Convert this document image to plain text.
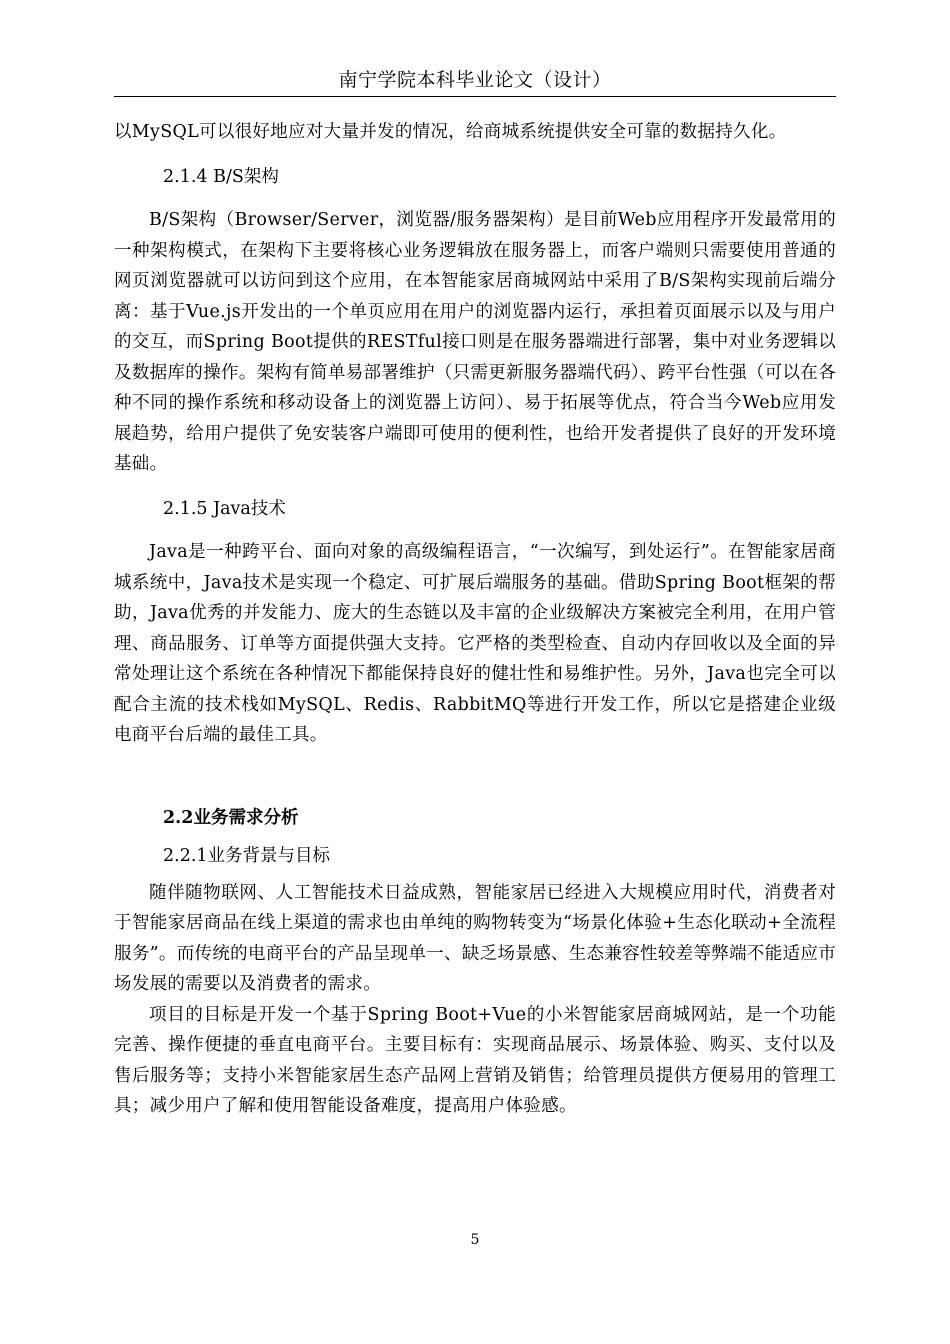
南宁学院本科毕业论文（设计）

以MySQL可以很好地应对大量并发的情况，给商城系统提供安全可靠的数据持久化。

2.1.4 B/S架构

B/S架构（Browser/Server，浏览器/服务器架构）是目前Web应用程序开发最常用的一种架构模式，在架构下主要将核心业务逻辑放在服务器上，而客户端则只需要使用普通的网页浏览器就可以访问到这个应用，在本智能家居商城网站中采用了B/S架构实现前后端分离：基于Vue.js开发出的一个单页应用在用户的浏览器内运行，承担着页面展示以及与用户的交互，而Spring Boot提供的RESTful接口则是在服务器端进行部署，集中对业务逻辑以及数据库的操作。架构有简单易部署维护（只需更新服务器端代码）、跨平台性强（可以在各种不同的操作系统和移动设备上的浏览器上访问）、易于拓展等优点，符合当今Web应用发展趋势，给用户提供了免安装客户端即可使用的便利性，也给开发者提供了良好的开发环境基础。

2.1.5 Java技术

Java是一种跨平台、面向对象的高级编程语言，“一次编写，到处运行”。在智能家居商城系统中，Java技术是实现一个稳定、可扩展后端服务的基础。借助Spring Boot框架的帮助，Java优秀的并发能力、庞大的生态链以及丰富的企业级解决方案被完全利用，在用户管理、商品服务、订单等方面提供强大支持。它严格的类型检查、自动内存回收以及全面的异常处理让这个系统在各种情况下都能保持良好的健壮性和易维护性。另外，Java也完全可以配合主流的技术栈如MySQL、Redis、RabbitMQ等进行开发工作，所以它是搭建企业级电商平台后端的最佳工具。

2.2业务需求分析
2.2.1业务背景与目标

随伴随物联网、人工智能技术日益成熟，智能家居已经进入大规模应用时代，消费者对于智能家居商品在线上渠道的需求也由单纯的购物转变为“场景化体验+生态化联动+全流程服务”。而传统的电商平台的产品呈现单一、缺乏场景感、生态兼容性较差等弊端不能适应市场发展的需要以及消费者的需求。

项目的目标是开发一个基于Spring Boot+Vue的小米智能家居商城网站，是一个功能完善、操作便捷的垂直电商平台。主要目标有：实现商品展示、场景体验、购买、支付以及售后服务等；支持小米智能家居生态产品网上营销及销售；给管理员提供方便易用的管理工具；减少用户了解和使用智能设备难度，提高用户体验感。

5
